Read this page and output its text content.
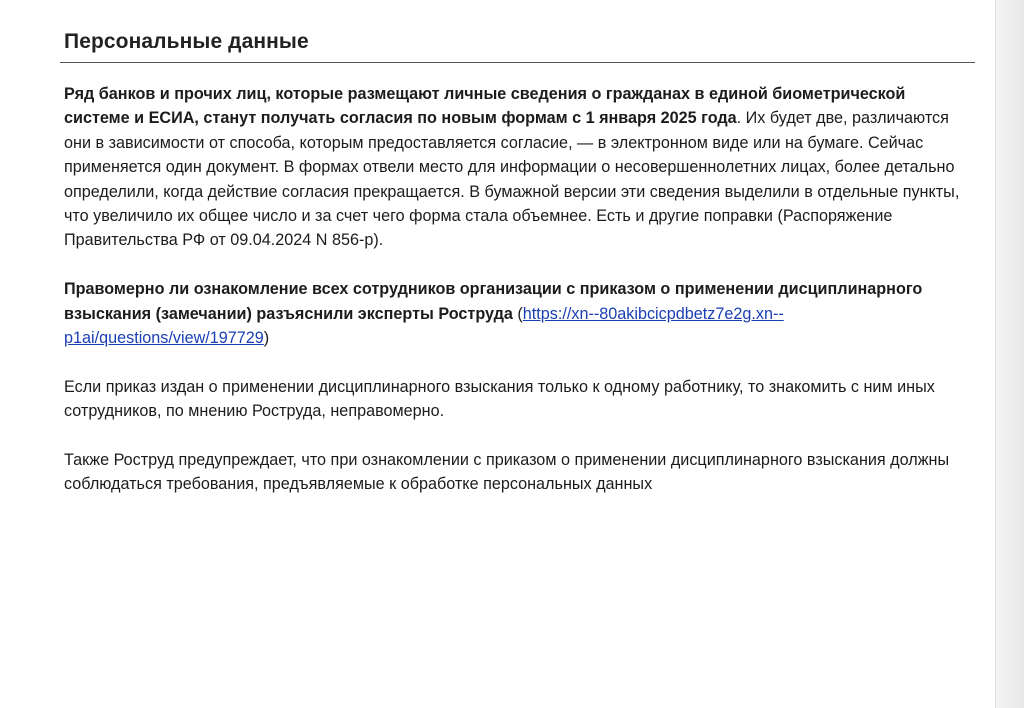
Персональные данные

Ряд банков и прочих лиц, которые размещают личные сведения о гражданах в единой биометрической системе и ЕСИА, станут получать согласия по новым формам с 1 января 2025 года. Их будет две, различаются они в зависимости от способа, которым предоставляется согласие, — в электронном виде или на бумаге. Сейчас применяется один документ. В формах отвели место для информации о несовершеннолетних лицах, более детально определили, когда действие согласия прекращается. В бумажной версии эти сведения выделили в отдельные пункты, что увеличило их общее число и за счет чего форма стала объемнее. Есть и другие поправки (Распоряжение Правительства РФ от 09.04.2024 N 856-р).

Правомерно ли ознакомление всех сотрудников организации с приказом о применении дисциплинарного взыскания (замечании) разъяснили эксперты Роструда (https://xn--80akibcicpdbetz7e2g.xn--p1ai/questions/view/197729)

Если приказ издан о применении дисциплинарного взыскания только к одному работнику, то знакомить с ним иных сотрудников, по мнению Роструда, неправомерно.

Также Роструд предупреждает, что при ознакомлении с приказом о применении дисциплинарного взыскания должны соблюдаться требования, предъявляемые к обработке персональных данных
